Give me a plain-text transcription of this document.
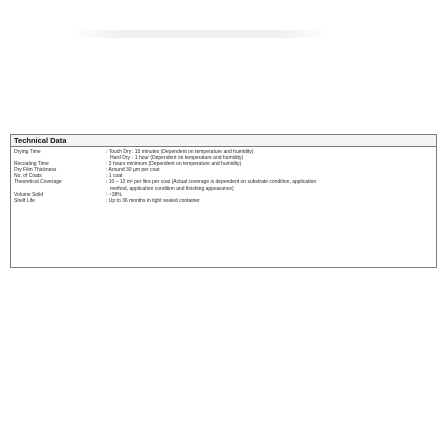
Technical Data
Drying Time	: Touch Dry : 15 minutes (Dependent on temperature and humidity)
Hard Dry : 1 hour (Dependent on temperature and humidity)
Recoating Time	: 2 hours minimum (Dependent on temperature and humidity)
Dry Film Thickness	: Around 30 µm per coat
No. of Coats	: 1 coat
Theoretical Coverage	: 10 – 12 m² per litre per coat (Actual coverage is dependent on substrate condition, application
method, application condition and finishing appearance)
Volume Solid	: ~38%
Shelf Life	: Up to 36 months in tight sealed container
